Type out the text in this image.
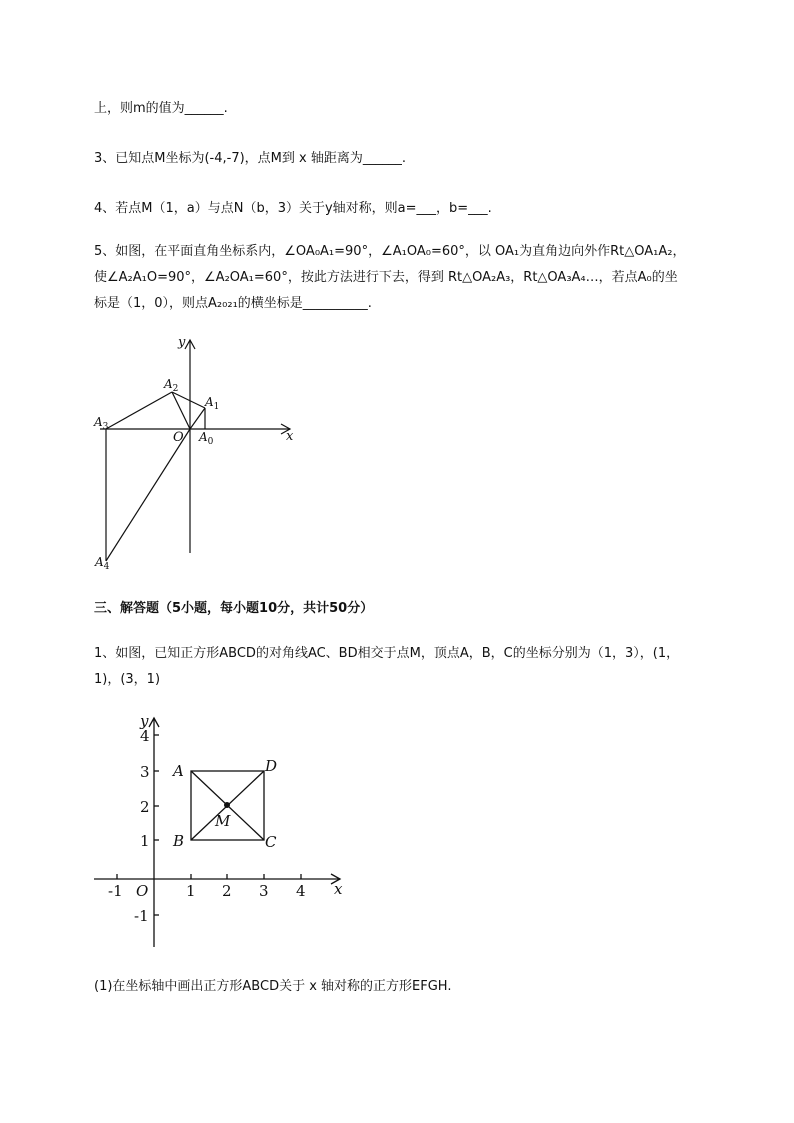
上，则m的值为______.
3、已知点M坐标为(-4,-7)，点M到 x 轴距离为______.
4、若点M（1，a）与点N（b，3）关于y轴对称，则a=___，b=___.
5、如图，在平面直角坐标系内，∠OA₀A₁=90°，∠A₁OA₀=60°，以 OA₁为直角边向外作Rt△OA₁A₂，
使∠A₂A₁O=90°，∠A₂OA₁=60°，按此方法进行下去，得到 Rt△OA₂A₃，Rt△OA₃A₄…，若点A₀的坐
标是（1，0），则点A₂₀₂₁的横坐标是__________.
y
x
O $A_0$
$A_1$
$A_2$
$A_3$
$A_4$
三、解答题（5小题，每小题10分，共计50分）
1、如图，已知正方形ABCD的对角线AC、BD相交于点M，顶点A，B，C的坐标分别为（1，3），(1，
1)，(3，1)
y
x
O
-1	1 2 3 4
4
3
2
1
-1
A
B	C
D
M
(1)在坐标轴中画出正方形ABCD关于 x 轴对称的正方形EFGH.
